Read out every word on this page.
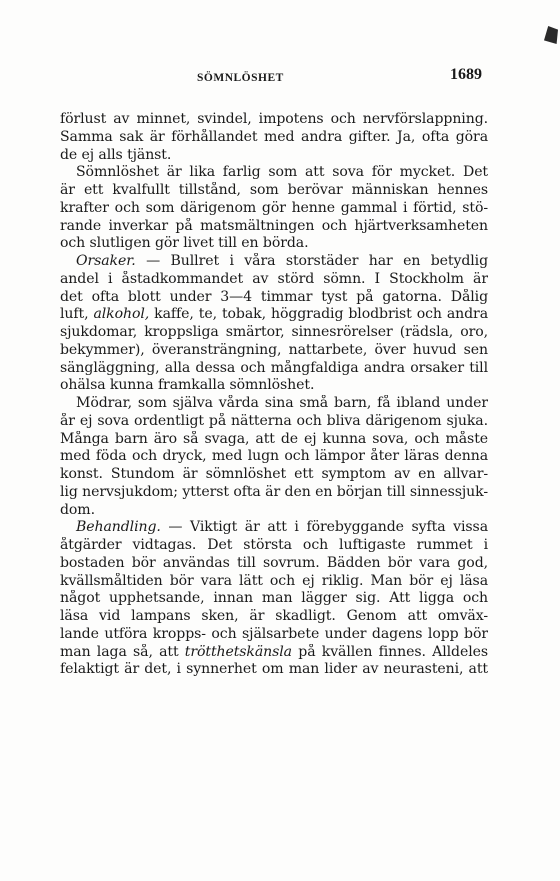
SÖMNLÖSHET	1689
förlust av minnet, svindel, impotens och nervförslappning.
Samma sak är förhållandet med andra gifter. Ja, ofta göra
de ej alls tjänst.
Sömnlöshet är lika farlig som att sova för mycket. Det
är ett kvalfullt tillstånd, som berövar människan hennes
krafter och som därigenom gör henne gammal i förtid, stö-
rande inverkar på matsmältningen och hjärtverksamheten
och slutligen gör livet till en börda.
Orsaker. — Bullret i våra storstäder har en betydlig
andel i åstadkommandet av störd sömn. I Stockholm är
det ofta blott under 3—4 timmar tyst på gatorna. Dålig
luft, alkohol, kaffe, te, tobak, höggradig blodbrist och andra
sjukdomar, kroppsliga smärtor, sinnesrörelser (rädsla, oro,
bekymmer), överansträngning, nattarbete, över huvud sen
sängläggning, alla dessa och mångfaldiga andra orsaker till
ohälsa kunna framkalla sömnlöshet.
Mödrar, som själva vårda sina små barn, få ibland under
år ej sova ordentligt på nätterna och bliva därigenom sjuka.
Många barn äro så svaga, att de ej kunna sova, och måste
med föda och dryck, med lugn och lämpor åter läras denna
konst. Stundom är sömnlöshet ett symptom av en allvar-
lig nervsjukdom; ytterst ofta är den en början till sinnessjuk-
dom.
Behandling. — Viktigt är att i förebyggande syfta vissa
åtgärder vidtagas. Det största och luftigaste rummet i
bostaden bör användas till sovrum. Bädden bör vara god,
kvällsmåltiden bör vara lätt och ej riklig. Man bör ej läsa
något upphetsande, innan man lägger sig. Att ligga och
läsa vid lampans sken, är skadligt. Genom att omväx-
lande utföra kropps- och själsarbete under dagens lopp bör
man laga så, att trötthetskänsla på kvällen finnes. Alldeles
felaktigt är det, i synnerhet om man lider av neurasteni, att
